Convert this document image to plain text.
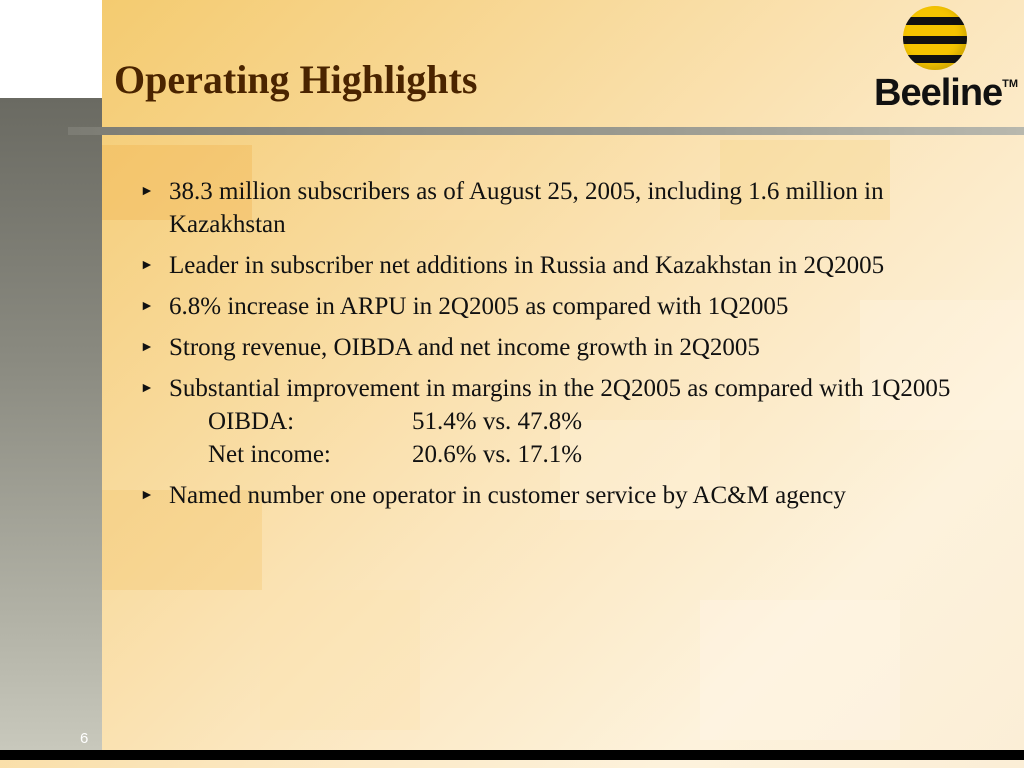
Operating Highlights	Beeline™
► 38.3 million subscribers as of August 25, 2005, including 1.6 million in Kazakhstan
► Leader in subscriber net additions in Russia and Kazakhstan in 2Q2005
► 6.8% increase in ARPU in 2Q2005 as compared with 1Q2005
► Strong revenue, OIBDA and net income growth in 2Q2005
► Substantial improvement in margins in the 2Q2005 as compared with 1Q2005
OIBDA:	51.4% vs. 47.8%
Net income:	20.6% vs. 17.1%
► Named number one operator in customer service by AC&M agency
6
